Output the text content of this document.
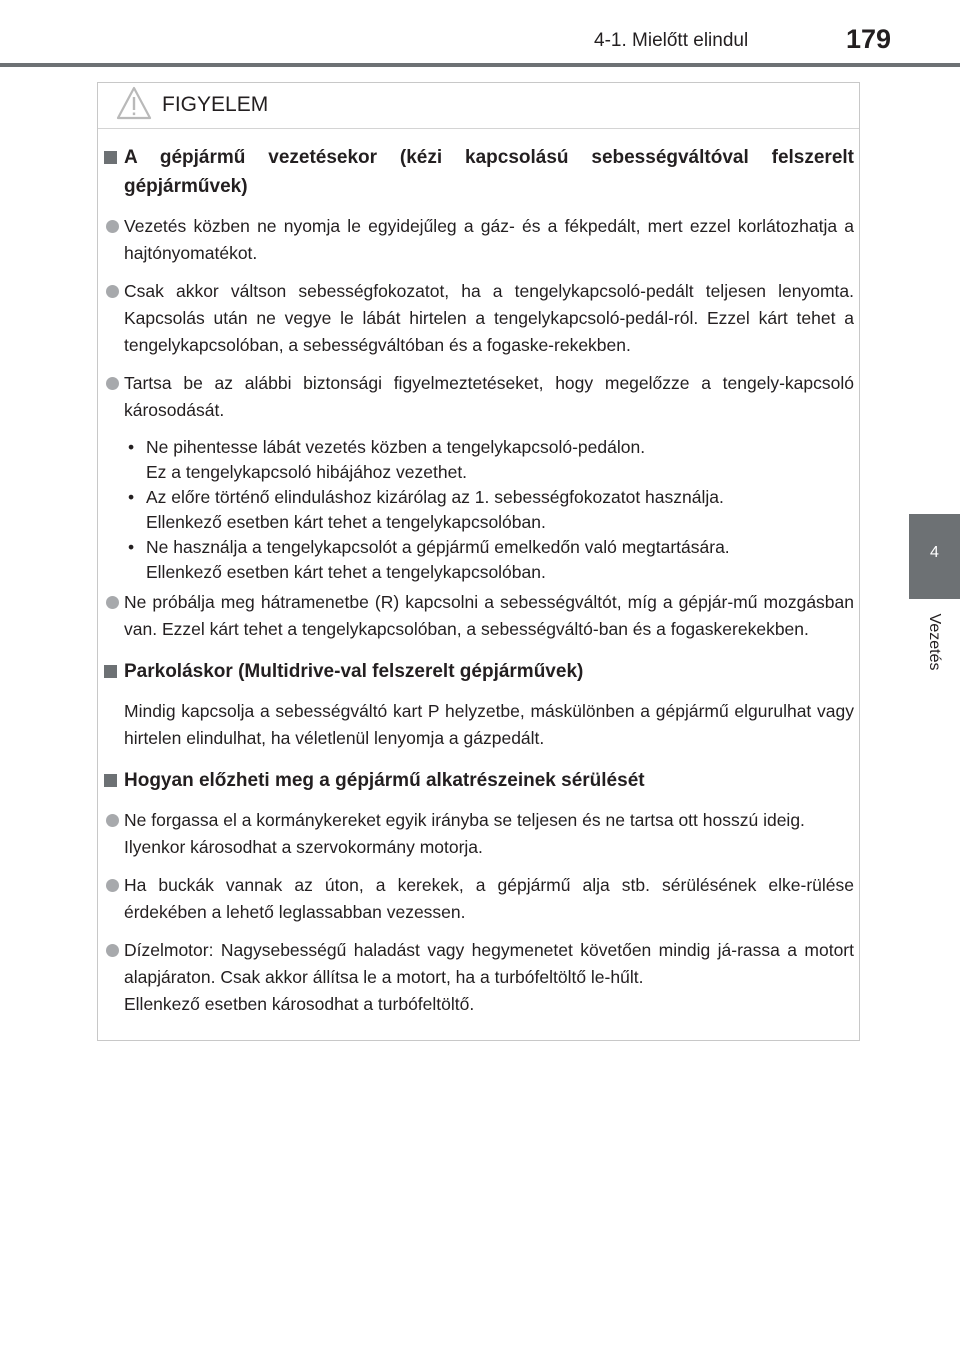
4-1. Mielőtt elindul	179
4
Vezetés
FIGYELEM
A gépjármű vezetésekor (kézi kapcsolású sebességváltóval felszerelt gépjárművek)
Vezetés közben ne nyomja le egyidejűleg a gáz- és a fékpedált, mert ezzel korlátozhatja a hajtónyomatékot.
Csak akkor váltson sebességfokozatot, ha a tengelykapcsoló-pedált teljesen lenyomta. Kapcsolás után ne vegye le lábát hirtelen a tengelykapcsoló-pedál-ról. Ezzel kárt tehet a tengelykapcsolóban, a sebességváltóban és a fogaske-rekekben.
Tartsa be az alábbi biztonsági figyelmeztetéseket, hogy megelőzze a tengely-kapcsoló károsodását.
• Ne pihentesse lábát vezetés közben a tengelykapcsoló-pedálon.
Ez a tengelykapcsoló hibájához vezethet.
• Az előre történő elinduláshoz kizárólag az 1. sebességfokozatot használja.
Ellenkező esetben kárt tehet a tengelykapcsolóban.
• Ne használja a tengelykapcsolót a gépjármű emelkedőn való megtartására.
Ellenkező esetben kárt tehet a tengelykapcsolóban.
Ne próbálja meg hátramenetbe (R) kapcsolni a sebességváltót, míg a gépjár-mű mozgásban van. Ezzel kárt tehet a tengelykapcsolóban, a sebességváltó-ban és a fogaskerekekben.
Parkoláskor (Multidrive-val felszerelt gépjárművek)
Mindig kapcsolja a sebességváltó kart P helyzetbe, máskülönben a gépjármű elgurulhat vagy hirtelen elindulhat, ha véletlenül lenyomja a gázpedált.
Hogyan előzheti meg a gépjármű alkatrészeinek sérülését
Ne forgassa el a kormánykereket egyik irányba se teljesen és ne tartsa ott hosszú ideig.
Ilyenkor károsodhat a szervokormány motorja.
Ha buckák vannak az úton, a kerekek, a gépjármű alja stb. sérülésének elke-rülése érdekében a lehető leglassabban vezessen.
Dízelmotor: Nagysebességű haladást vagy hegymenetet követően mindig já-rassa a motort alapjáraton. Csak akkor állítsa le a motort, ha a turbófeltöltő le-hűlt.
Ellenkező esetben károsodhat a turbófeltöltő.
